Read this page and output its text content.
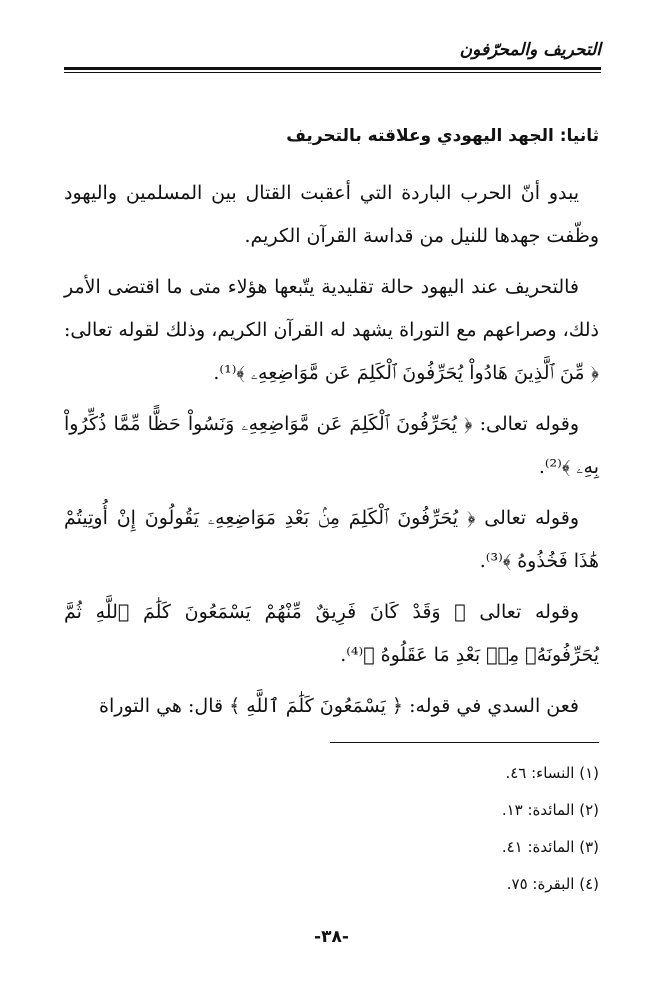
التحريف والمحرّفون
ثانيا: الجهد اليهودي وعلاقته بالتحريف

يبدو أنّ الحرب الباردة التي أعقبت القتال بين المسلمين واليهود وظّفت جهدها للنيل من قداسة القرآن الكريم.

فالتحريف عند اليهود حالة تقليدية يتّبعها هؤلاء متى ما اقتضى الأمر ذلك، وصراعهم مع التوراة يشهد له القرآن الكريم، وذلك لقوله تعالى: ﴿ مِّنَ ٱلَّذِينَ هَادُواْ يُحَرِّفُونَ ٱلْكَلِمَ عَن مَّوَاضِعِهِۦ ﴾⁽¹⁾.

وقوله تعالى: ﴿ يُحَرِّفُونَ ٱلْكَلِمَ عَن مَّوَاضِعِهِۦ وَنَسُواْ حَظًّا مِّمَّا ذُكِّرُواْ بِهِۦ ﴾⁽²⁾.

وقوله تعالى ﴿ يُحَرِّفُونَ ٱلْكَلِمَ مِنۢ بَعْدِ مَوَاضِعِهِۦ يَقُولُونَ إِنْ أُوتِيتُمْ هَٰذَا فَخُذُوهُ ﴾⁽³⁾.

وقوله تعالى ﴿ وَقَدْ كَانَ فَرِيقٌ مِّنْهُمْ يَسْمَعُونَ كَلَٰمَ ٱللَّهِ ثُمَّ يُحَرِّفُونَهُۥ مِنۢ بَعْدِ مَا عَقَلُوهُ ﴾⁽⁴⁾.

فعن السدي في قوله: ﴿ يَسْمَعُونَ كَلَٰمَ ٱللَّهِ ﴾ قال: هي التوراة

(١) النساء: ٤٦.
(٢) المائدة: ١٣.
(٣) المائدة: ٤١.
(٤) البقرة: ٧٥.
-٣٨-
